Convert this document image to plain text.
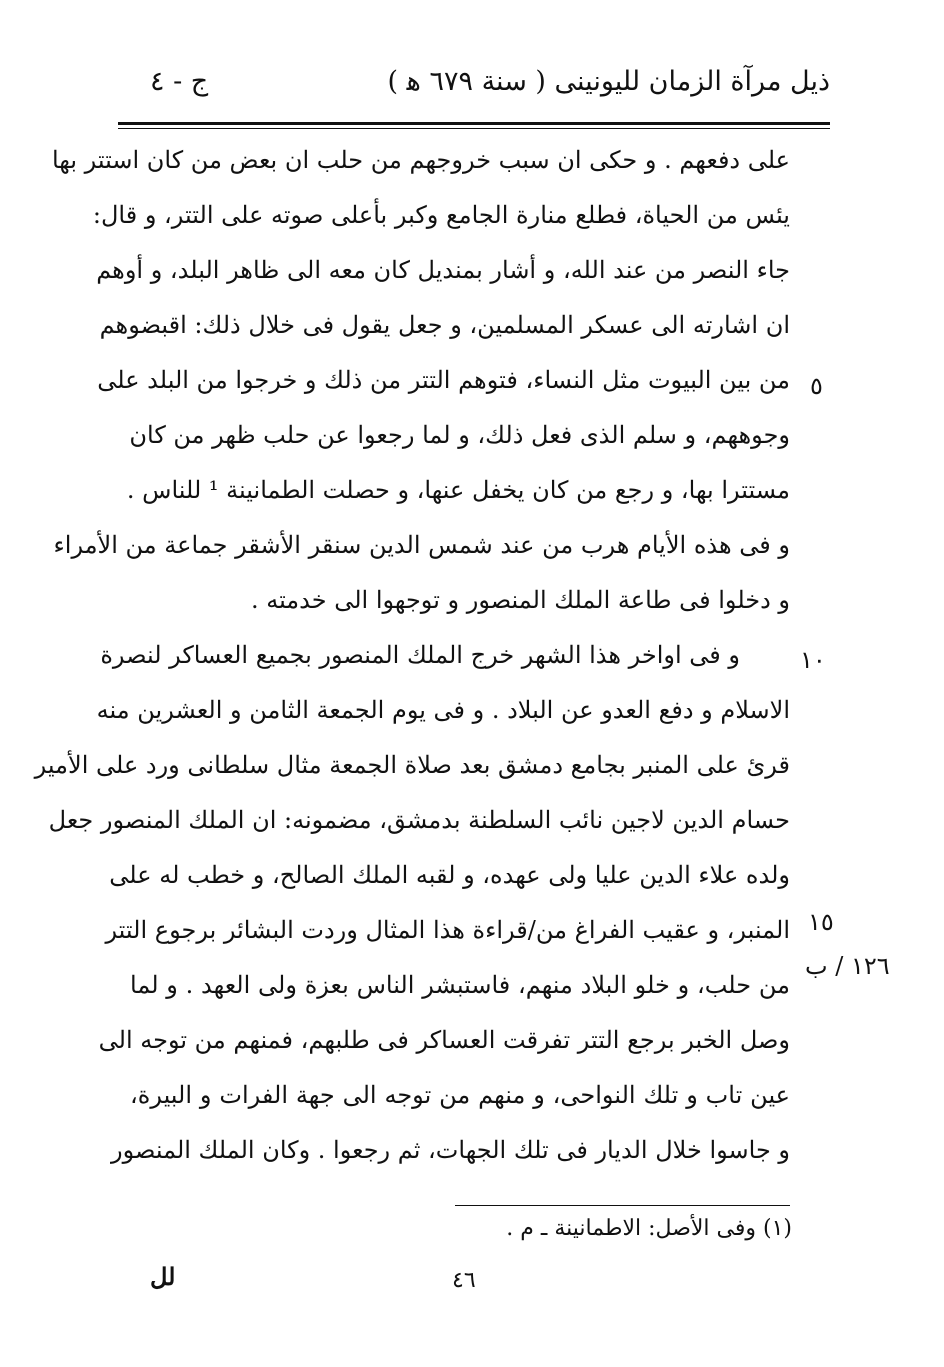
ذيل مرآة الزمان لليونينى ( سنة ٦٧٩ ﻫ )
ج - ٤
على دفعهم . و حكى ان سبب خروجهم من حلب ان بعض من كان استتر بها
يئس من الحياة، فطلع منارة الجامع وكبر بأعلى صوته على التتر، و قال:
جاء النصر من عند الله، و أشار بمنديل كان معه الى ظاهر البلد، و أوهم
ان اشارته الى عسكر المسلمين، و جعل يقول فى خلال ذلك: اقبضوهم
من بين البيوت مثل النساء، فتوهم التتر من ذلك و خرجوا من البلد على
وجوههم، و سلم الذى فعل ذلك، و لما رجعوا عن حلب ظهر من كان
مستترا بها، و رجع من كان يخفل عنها، و حصلت الطمانينة ¹ للناس .
و فى هذه الأيام هرب من عند شمس الدين سنقر الأشقر جماعة من الأمراء
و دخلوا فى طاعة الملك المنصور و توجهوا الى خدمته .
و فى اواخر هذا الشهر خرج الملك المنصور بجميع العساكر لنصرة
الاسلام و دفع العدو عن البلاد . و فى يوم الجمعة الثامن و العشرين منه
قرئ على المنبر بجامع دمشق بعد صلاة الجمعة مثال سلطانى ورد على الأمير
حسام الدين لاجين نائب السلطنة بدمشق، مضمونه: ان الملك المنصور جعل
ولده علاء الدين عليا ولى عهده، و لقبه الملك الصالح، و خطب له على
المنبر، و عقيب الفراغ من/قراءة هذا المثال وردت البشائر برجوع التتر
من حلب، و خلو البلاد منهم، فاستبشر الناس بعزة ولى العهد . و لما
وصل الخبر برجع التتر تفرقت العساكر فى طلبهم، فمنهم من توجه الى
عين تاب و تلك النواحى، و منهم من توجه الى جهة الفرات و البيرة،
و جاسوا خلال الديار فى تلك الجهات، ثم رجعوا . وكان الملك المنصور
٥
١٠
١٥
١٢٦ / ب
(١) وفى الأصل: الاطمانينة ـ م .
٤٦
لل
